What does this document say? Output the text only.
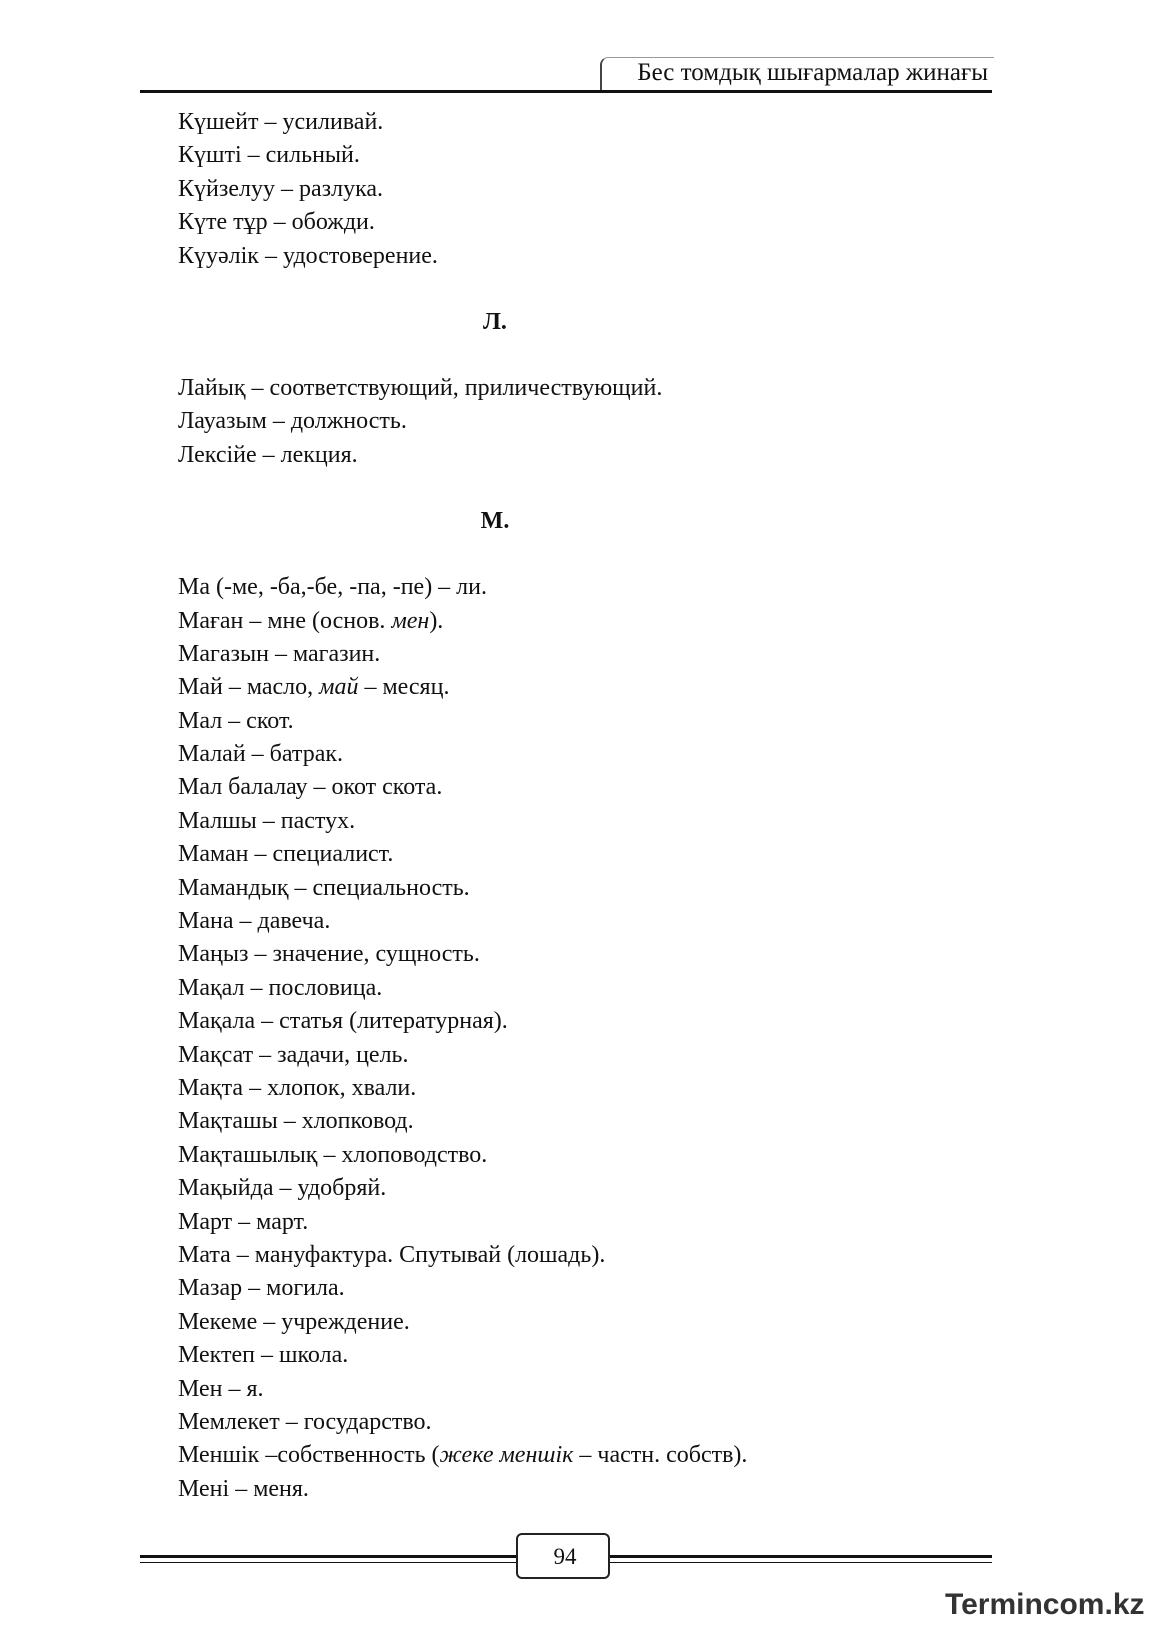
Бес томдық шығармалар жинағы
Күшейт – усиливай.
Күшті – сильный.
Күйзелуу – разлука.
Күте тұр – обожди.
Күуәлік – удостоверение.
Л.
Лайық – соответствующий, приличествующий.
Лауазым – должность.
Лексійе – лекция.
М.
Ма (-ме, -ба,-бе, -па, -пе) – ли.
Маған – мне (основ. мен).
Магазын – магазин.
Май – масло, май – месяц.
Мал – скот.
Малай – батрак.
Мал балалау – окот скота.
Малшы – пастух.
Маман – специалист.
Мамандық – специальность.
Мана – давеча.
Маңыз – значение, сущность.
Мақал – пословица.
Мақала – статья (литературная).
Мақсат – задачи, цель.
Мақта – хлопок, хвали.
Мақташы – хлопковод.
Мақташылық – хлоповодство.
Мақыйда – удобряй.
Март – март.
Мата – мануфактура. Спутывай (лошадь).
Мазар – могила.
Мекеме – учреждение.
Мектеп – школа.
Мен – я.
Мемлекет – государство.
Меншік –собственность (жеке меншік – частн. собств).
Мені – меня.
94
Termincom.kz
